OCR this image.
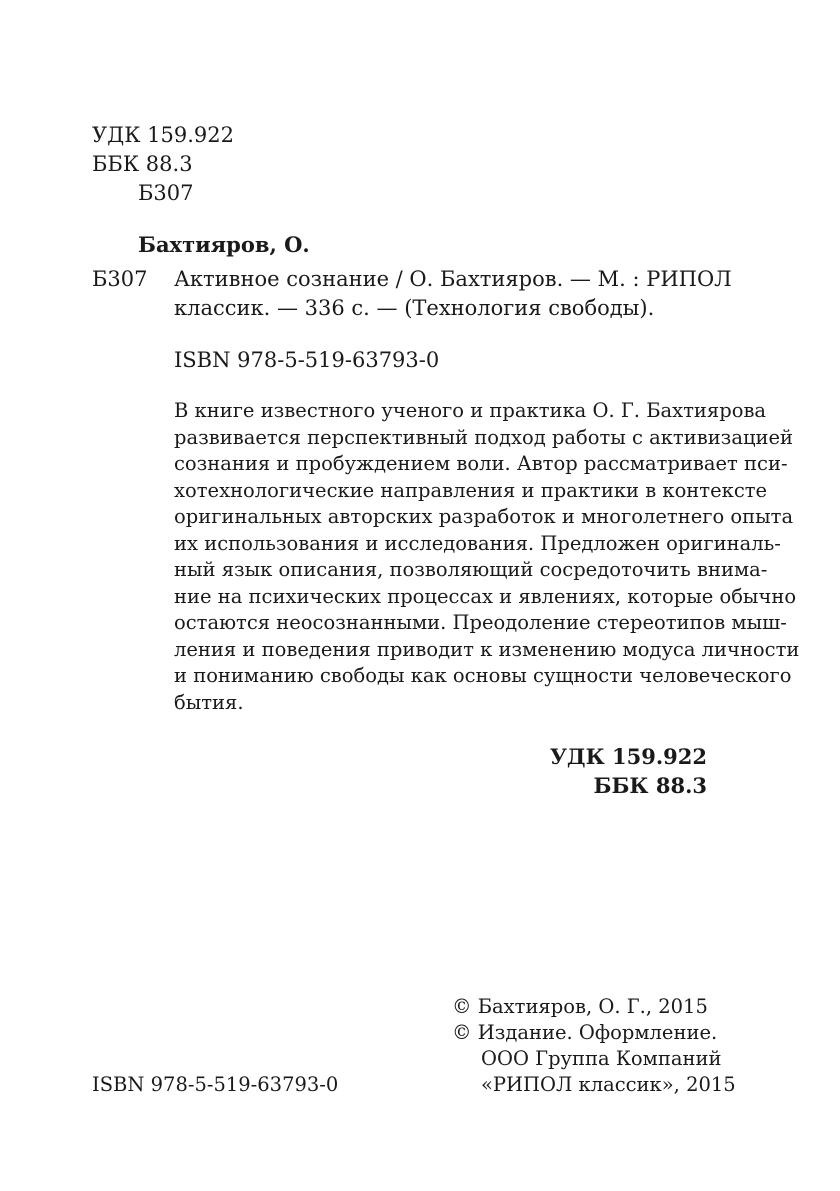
УДК 159.922
ББК 88.3
Б307
Бахтияров, О.
Б307 Активное сознание / О. Бахтияров. — М. : РИПОЛ
классик. — 336 с. — (Технология свободы).
ISBN 978-5-519-63793-0
В книге известного ученого и практика О. Г. Бахтиярова
развивается перспективный подход работы с активизацией
сознания и пробуждением воли. Автор рассматривает пси-
хотехнологические направления и практики в контексте
оригинальных авторских разработок и многолетнего опыта
их использования и исследования. Предложен оригиналь-
ный язык описания, позволяющий сосредоточить внима-
ние на психических процессах и явлениях, которые обычно
остаются неосознанными. Преодоление стереотипов мыш-
ления и поведения приводит к изменению модуса личности
и пониманию свободы как основы сущности человеческого
бытия.
УДК 159.922
ББК 88.3
© Бахтияров, О. Г., 2015
© Издание. Оформление.
ООО Группа Компаний
«РИПОЛ классик», 2015
ISBN 978-5-519-63793-0
